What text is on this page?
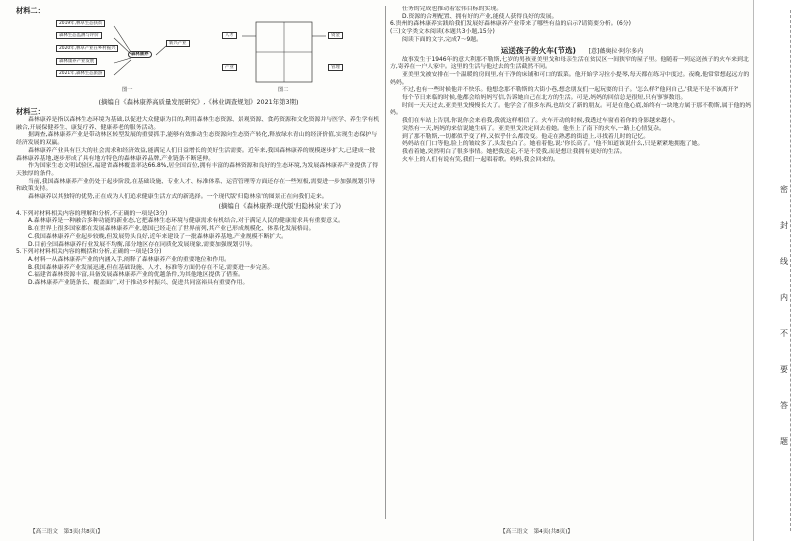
材料二：
2019年,林草生态扶贫
森林生态监测与评价
2020年,林草产业在乡村振兴
森林康养产业发展
2021年,森林生态旅游
新兴产业
森林康养
人才	资金
产业	管理
图一	图二
(摘编自《森林康养高质量发展研究》,《林业调查规划》2021年第3期)
材料三：

森林康养是指以森林生态环境为基础,以促进大众健康为目的,利用森林生态资源、景观资源、食药资源和文化资源并与医学、养生学有机融合,开展保健养生、康复疗养、健康养老的服务活动。

据调查,森林康养产业是带动林区转型发展的重要抓手,能够有效推动生态资源向生态资产转化,释放绿水青山的经济价值,实现生态保护与经济发展的双赢。

森林康养产业具有巨大的社会需求和经济效益,能满足人们日益增长的美好生活需要。近年来,我国森林康养的规模逐步扩大,已建成一批森林康养基地,逐步形成了具有地方特色的森林康养品牌,产业链条不断延伸。

作为国家生态文明试验区,福建省森林覆盖率达66.8%,居全国首位,拥有丰富的森林资源和良好的生态环境,为发展森林康养产业提供了得天独厚的条件。

当前,我国森林康养产业仍处于起步阶段,在基础设施、专业人才、标准体系、运营管理等方面还存在一些短板,需要进一步加强规划引导和政策支持。

森林康养以其独特的优势,正在成为人们追求健康生活方式的新选择。一个现代版'归隐林泉'的图景正在向我们走来。

(摘编自《森林康养:现代版'归隐林泉'来了》)

4.下列对材料相关内容的理解和分析,不正确的一项是(3分)

A.森林康养是一种融合多种功能的新业态,它把森林生态环境与健康需求有机结合,对于满足人民的健康需求具有重要意义。

B.在世界上很多国家都在发展森林康养产业,德国已经走在了世界前列,其产业已形成规模化、体系化发展格局。

C.我国森林康养产业起步较晚,但发展势头良好,近年来建设了一批森林康养基地,产业规模不断扩大。

D.目前全国森林康养行业发展不均衡,部分地区存在同质化发展现象,需要加强规划引导。

5.下列对材料相关内容的概括和分析,正确的一项是(3分)

A.材料一从森林康养产业的内涵入手,阐释了森林康养产业的重要地位和作用。

B.我国森林康养产业发展迅速,但在基础设施、人才、标准等方面仍存在不足,需要进一步完善。

C.福建省森林资源丰富,具备发展森林康养产业的优越条件,为其他地区提供了借鉴。

D.森林康养产业链条长、覆盖面广,对于推动乡村振兴、促进共同富裕具有重要作用。

任务的完成也推动着宏伟目标的实现。

D.资源的合理配置、拥有好的产业,能使人获得良好的发展。

6.贵州的森林康养实践给我们发展好森林康养产业带来了哪些有益的启示?请简要分析。(6分)

(三)文学类文本阅读(本题共3小题,15分)

阅读下面的文字,完成7～9题。

运送孩子的火车(节选) [意]薇奥拉·阿尔多内

故事发生于1946年的意大利那不勒斯,七岁的男孩亚美里戈和母亲生活在贫民区一间狭窄的屋子里。他随着一列运送孩子的火车来到北方,寄养在一户人家中。这里的生活与他过去的生活截然不同。

亚美里戈被安排在一个温暖的房间里,有干净的床铺和可口的饭菜。他开始学习拉小提琴,每天都在练习中度过。夜晚,他常常想起远方的妈妈。

不过,也有一些时候他并不快乐。他想念那不勒斯的大街小巷,想念朋友们一起玩耍的日子。'怎么样?'他问自己,'我是不是不该离开?'

每个节日来临的时候,他都会给妈妈写信,告诉她自己在北方的生活。可是,妈妈的回信总是很短,只有寥寥数语。

时间一天天过去,亚美里戈慢慢长大了。他学会了很多东西,也结交了新的朋友。可是在他心底,始终有一块地方属于那不勒斯,属于他的妈妈。

我们在车站上告别,你说你会来看我,我就这样相信了。火车开动的时候,我透过车窗看着你的身影越来越小。

突然有一天,妈妈的来信说她生病了。亚美里戈决定回去看她。他坐上了南下的火车,一路上心情复杂。

到了那不勒斯,一切都似乎变了样,又似乎什么都没变。他走在熟悉的街道上,寻找着儿时的记忆。

妈妈站在门口等他,脸上的皱纹多了,头发也白了。她看着他,说:'你长高了。'他不知道该说什么,只是紧紧地拥抱了她。

我看着她,突然明白了很多事情。她把我送走,不是不爱我,而是想让我拥有更好的生活。

火车上的人们有说有笑,我们一起唱着歌。妈妈,我会回来的。

【高三语文　第3页(共8页)】	【高三语文　第4页(共8页)】
密
封
线
内
不
要
答
题
